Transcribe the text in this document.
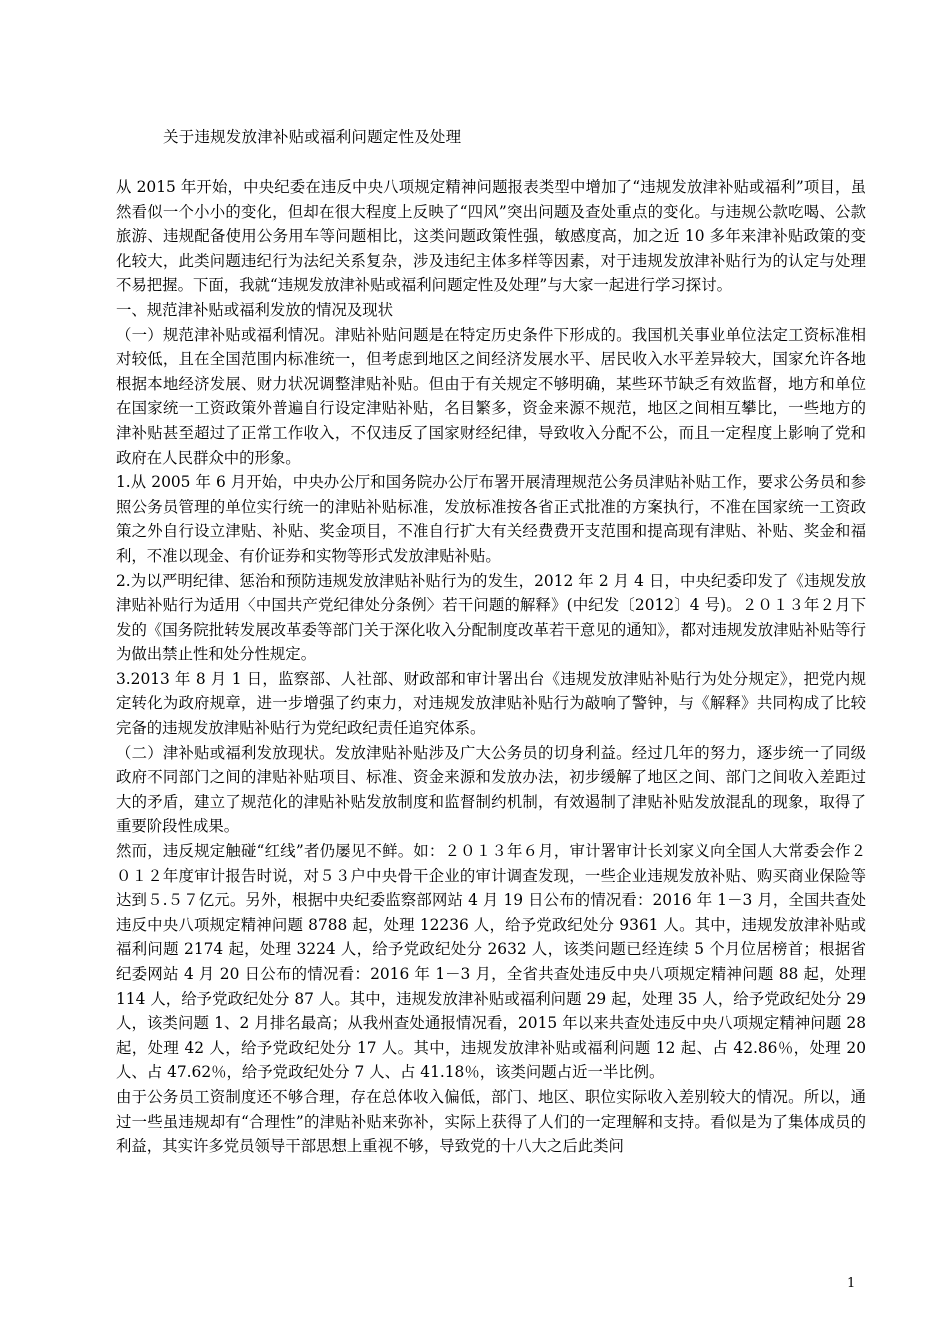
关于违规发放津补贴或福利问题定性及处理

从 2015 年开始，中央纪委在违反中央八项规定精神问题报表类型中增加了“违规发放津补贴或福利”项目，虽然看似一个小小的变化，但却在很大程度上反映了“四风”突出问题及查处重点的变化。与违规公款吃喝、公款旅游、违规配备使用公务用车等问题相比，这类问题政策性强，敏感度高，加之近 10 多年来津补贴政策的变化较大，此类问题违纪行为法纪关系复杂，涉及违纪主体多样等因素，对于违规发放津补贴行为的认定与处理不易把握。下面，我就“违规发放津补贴或福利问题定性及处理”与大家一起进行学习探讨。

一、规范津补贴或福利发放的情况及现状

（一）规范津补贴或福利情况。津贴补贴问题是在特定历史条件下形成的。我国机关事业单位法定工资标准相对较低，且在全国范围内标准统一，但考虑到地区之间经济发展水平、居民收入水平差异较大，国家允许各地根据本地经济发展、财力状况调整津贴补贴。但由于有关规定不够明确，某些环节缺乏有效监督，地方和单位在国家统一工资政策外普遍自行设定津贴补贴，名目繁多，资金来源不规范，地区之间相互攀比，一些地方的津补贴甚至超过了正常工作收入，不仅违反了国家财经纪律，导致收入分配不公，而且一定程度上影响了党和政府在人民群众中的形象。

1.从 2005 年 6 月开始，中央办公厅和国务院办公厅布署开展清理规范公务员津贴补贴工作，要求公务员和参照公务员管理的单位实行统一的津贴补贴标准，发放标准按各省正式批准的方案执行，不准在国家统一工资政策之外自行设立津贴、补贴、奖金项目，不准自行扩大有关经费费开支范围和提高现有津贴、补贴、奖金和福利，不准以现金、有价证券和实物等形式发放津贴补贴。

2.为以严明纪律、惩治和预防违规发放津贴补贴行为的发生，2012 年 2 月 4 日，中央纪委印发了《违规发放津贴补贴行为适用〈中国共产党纪律处分条例〉若干问题的解释》(中纪发〔2012〕4 号)。２０１３年２月下发的《国务院批转发展改革委等部门关于深化收入分配制度改革若干意见的通知》，都对违规发放津贴补贴等行为做出禁止性和处分性规定。

3.2013 年 8 月 1 日，监察部、人社部、财政部和审计署出台《违规发放津贴补贴行为处分规定》，把党内规定转化为政府规章，进一步增强了约束力，对违规发放津贴补贴行为敲响了警钟，与《解释》共同构成了比较完备的违规发放津贴补贴行为党纪政纪责任追究体系。

（二）津补贴或福利发放现状。发放津贴补贴涉及广大公务员的切身利益。经过几年的努力，逐步统一了同级政府不同部门之间的津贴补贴项目、标准、资金来源和发放办法，初步缓解了地区之间、部门之间收入差距过大的矛盾，建立了规范化的津贴补贴发放制度和监督制约机制，有效遏制了津贴补贴发放混乱的现象，取得了重要阶段性成果。

然而，违反规定触碰“红线”者仍屡见不鲜。如：２０１３年６月，审计署审计长刘家义向全国人大常委会作２０１２年度审计报告时说，对５３户中央骨干企业的审计调查发现，一些企业违规发放补贴、购买商业保险等达到５.５７亿元。另外，根据中央纪委监察部网站 4 月 19 日公布的情况看：2016 年 1－3 月，全国共查处违反中央八项规定精神问题 8788 起，处理 12236 人，给予党政纪处分 9361 人。其中，违规发放津补贴或福利问题 2174 起，处理 3224 人，给予党政纪处分 2632 人，该类问题已经连续 5 个月位居榜首；根据省纪委网站 4 月 20 日公布的情况看：2016 年 1－3 月，全省共查处违反中央八项规定精神问题 88 起，处理 114 人，给予党政纪处分 87 人。其中，违规发放津补贴或福利问题 29 起，处理 35 人，给予党政纪处分 29 人，该类问题 1、2 月排名最高；从我州查处通报情况看，2015 年以来共查处违反中央八项规定精神问题 28 起，处理 42 人，给予党政纪处分 17 人。其中，违规发放津补贴或福利问题 12 起、占 42.86％，处理 20 人、占 47.62％，给予党政纪处分 7 人、占 41.18％，该类问题占近一半比例。

由于公务员工资制度还不够合理，存在总体收入偏低，部门、地区、职位实际收入差别较大的情况。所以，通过一些虽违规却有“合理性”的津贴补贴来弥补，实际上获得了人们的一定理解和支持。看似是为了集体成员的利益，其实许多党员领导干部思想上重视不够，导致党的十八大之后此类问

1
